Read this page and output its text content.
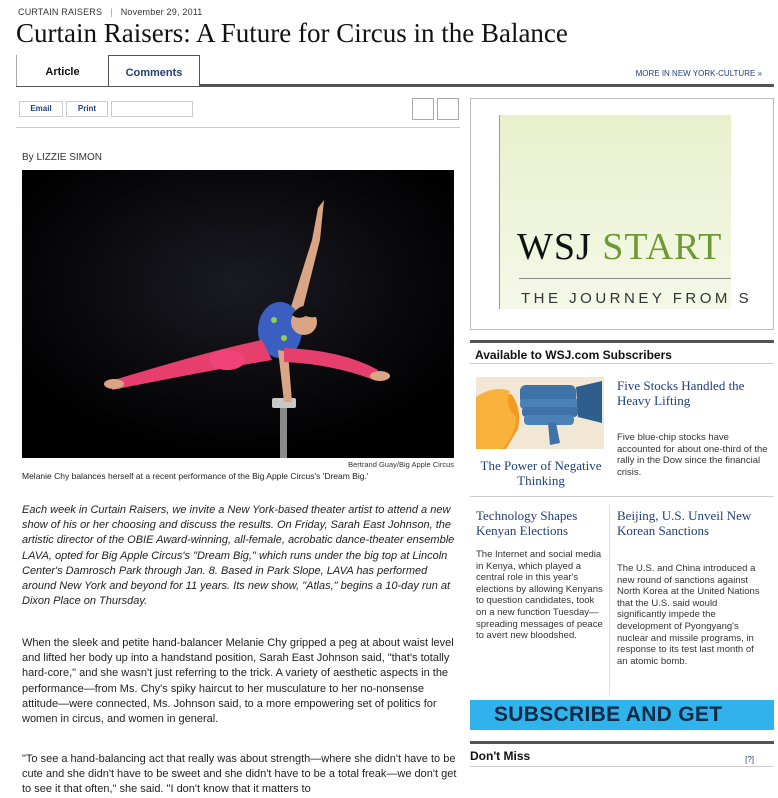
CURTAIN RAISERS | November 29, 2011
Curtain Raisers: A Future for Circus in the Balance
Article	Comments	MORE IN NEW YORK-CULTURE »
Email	Print
By LIZZIE SIMON
Bertrand Guay/Big Apple Circus
Melanie Chy balances herself at a recent performance of the Big Apple Circus's 'Dream Big.'

Each week in Curtain Raisers, we invite a New York-based theater artist to attend a new show of his or her choosing and discuss the results. On Friday, Sarah East Johnson, the artistic director of the OBIE Award-winning, all-female, acrobatic dance-theater ensemble LAVA, opted for Big Apple Circus's "Dream Big," which runs under the big top at Lincoln Center's Damrosch Park through Jan. 8. Based in Park Slope, LAVA has performed around New York and beyond for 11 years. Its new show, "Atlas," begins a 10-day run at Dixon Place on Thursday.

When the sleek and petite hand-balancer Melanie Chy gripped a peg at about waist level and lifted her body up into a handstand position, Sarah East Johnson said, "that's totally hard-core," and she wasn't just referring to the trick. A variety of aesthetic aspects in the performance—from Ms. Chy's spiky haircut to her musculature to her no-nonsense attitude—were connected, Ms. Johnson said, to a more empowering set of politics for women in circus, and women in general.

"To see a hand-balancing act that really was about strength—where she didn't have to be cute and she didn't have to be sweet and she didn't have to be a total freak—we don't get to see it that often," she said. "I don't know that it matters to

WSJ START
THE JOURNEY FROM S
Available to WSJ.com Subscribers
The Power of Negative Thinking
Five Stocks Handled the Heavy Lifting

Five blue-chip stocks have accounted for about one-third of the rally in the Dow since the financial crisis.

Technology Shapes Kenyan Elections

The Internet and social media in Kenya, which played a central role in this year's elections by allowing Kenyans to question candidates, took on a new function Tuesday—spreading messages of peace to avert new bloodshed.

Beijing, U.S. Unveil New Korean Sanctions

The U.S. and China introduced a new round of sanctions against North Korea at the United Nations that the U.S. said would significantly impede the development of Pyongyang's nuclear and missile programs, in response to its test last month of an atomic bomb.

SUBSCRIBE AND GET
Don't Miss	[?]
